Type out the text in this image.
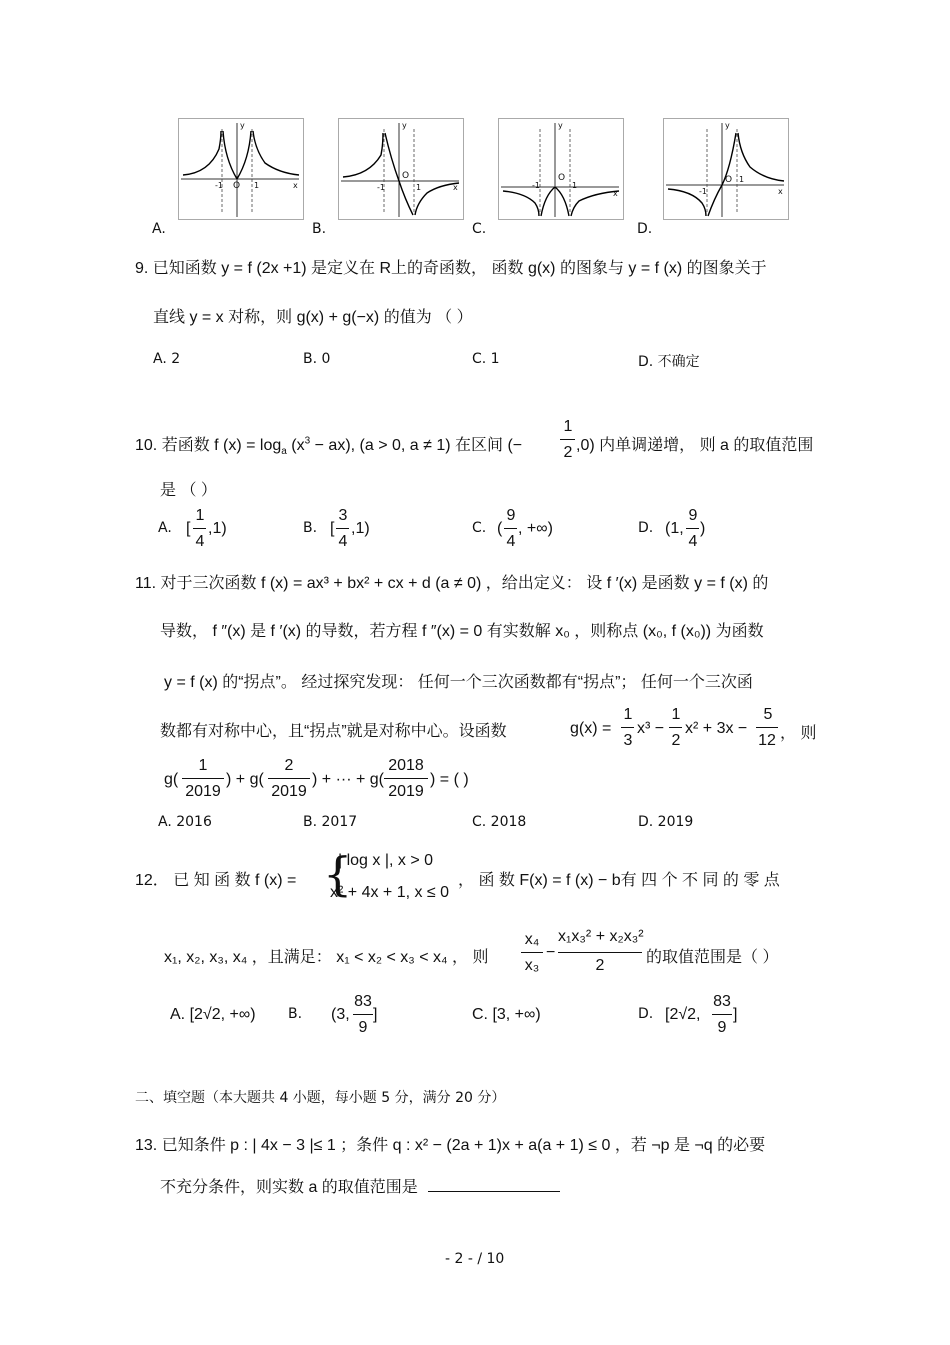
O
-1	1	x
y
A.
O
-1	1	x
y
B.
O
-1	1
x
y
C.
O
-1
1
x
y
D.
9. 已知函数 y = f (2x +1) 是定义在 R上的奇函数， 函数 g(x) 的图象与 y = f (x) 的图象关于
直线 y = x 对称，则 g(x) + g(−x) 的值为 （ ）
A. 2	B. 0	C. 1	D. 不确定
10. 若函数 f $(x) = \log_a (x^3 - ax)$, (a > 0, a ≠ 1) 在区间 (−
1
2 ,0) 内单调递增， 则 a 的取值范围
是 （ ）
A. [
1
4
,1)	B. [
3
4
,1)	C. (
9
4
, +∞)	D. (1,
9
4
)
11. 对于三次函数 f (x) = ax³ + bx² + cx + d (a ≠ 0) ，给出定义： 设 f ′(x) 是函数 y = f (x) 的
导数， f ″(x) 是 f ′(x) 的导数，若方程 f ″(x) = 0 有实数解 x₀ ，则称点 (x₀, f (x₀)) 为函数
y = f (x) 的“拐点”。 经过探究发现： 任何一个三次函数都有“拐点”； 任何一个三次函
数都有对称中心，且“拐点”就是对称中心。设函数	g(x) =
1
3
x³ −
1
2
x² + 3x −
5
12 ， 则
g(
1
2019
) + g(
2
2019
) + ··· + g(
2018
2019
) = ( )
A. 2016	B. 2017	C. 2018	D. 2019
12． 已 知 函 数 f (x) = {
| log x |, x > 0
x² + 4x + 1, x ≤ 0
， 函 数 F(x) = f (x) − b有 四 个 不 同 的 零 点
x₁, x₂, x₃, x₄ ，且满足： x₁ < x₂ < x₃ < x₄ ， 则
x₄
x₃
−
x₁x₃² + x₂x₃²
2	的取值范围是（ ）
A. [2√2, +∞) B. (3,
83
9
]	C. [3, +∞)	D. [2√2,
83
9
]
二、填空题（本大题共 4 小题，每小题 5 分，满分 20 分）
13. 已知条件 p : | 4x − 3 |≤ 1 ；条件 q : x² − (2a + 1)x + a(a + 1) ≤ 0 ，若 ¬p 是 ¬q 的必要
不充分条件，则实数 a 的取值范围是
- 2 - / 10
